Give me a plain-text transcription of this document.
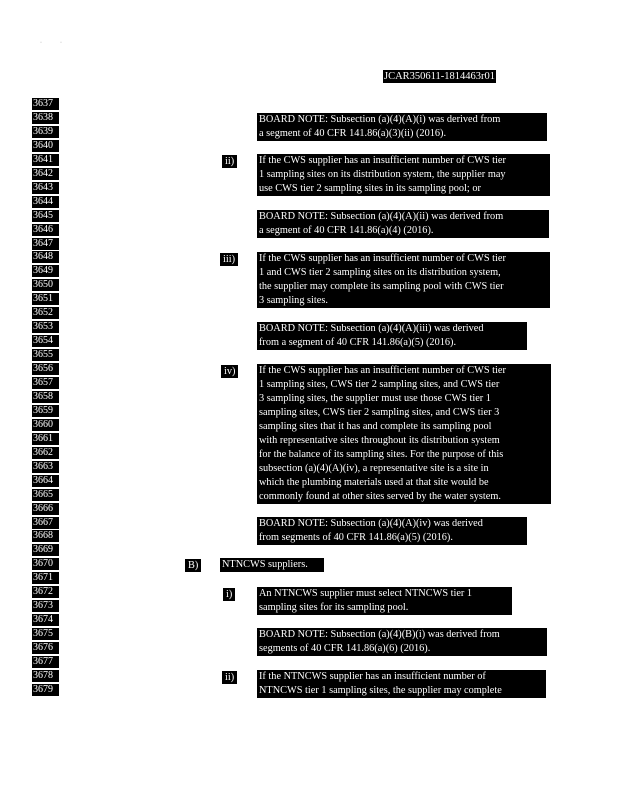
·            ·
JCAR350611-1814463r01
3637
3638
3639
3640
3641
3642
3643
3644
3645
3646
3647
3648
3649
3650
3651
3652
3653
3654
3655
3656
3657
3658
3659
3660
3661
3662
3663
3664
3665
3666
3667
3668
3669
3670
3671
3672
3673
3674
3675
3676
3677
3678
3679
ii)
iii)
iv)
B)
i)
ii)
BOARD NOTE: Subsection (a)(4)(A)(i) was derived from
a segment of 40 CFR 141.86(a)(3)(ii) (2016).
If the CWS supplier has an insufficient number of CWS tier
1 sampling sites on its distribution system, the supplier may
use CWS tier 2 sampling sites in its sampling pool; or
BOARD NOTE: Subsection (a)(4)(A)(ii) was derived from
a segment of 40 CFR 141.86(a)(4) (2016).
If the CWS supplier has an insufficient number of CWS tier
1 and CWS tier 2 sampling sites on its distribution system,
the supplier may complete its sampling pool with CWS tier
3 sampling sites.
BOARD NOTE: Subsection (a)(4)(A)(iii) was derived
from a segment of 40 CFR 141.86(a)(5) (2016).
If the CWS supplier has an insufficient number of CWS tier
1 sampling sites, CWS tier 2 sampling sites, and CWS tier
3 sampling sites, the supplier must use those CWS tier 1
sampling sites, CWS tier 2 sampling sites, and CWS tier 3
sampling sites that it has and complete its sampling pool
with representative sites throughout its distribution system
for the balance of its sampling sites. For the purpose of this
subsection (a)(4)(A)(iv), a representative site is a site in
which the plumbing materials used at that site would be
commonly found at other sites served by the water system.
BOARD NOTE: Subsection (a)(4)(A)(iv) was derived
from segments of 40 CFR 141.86(a)(5) (2016).
NTNCWS suppliers.
An NTNCWS supplier must select NTNCWS tier 1
sampling sites for its sampling pool.
BOARD NOTE: Subsection (a)(4)(B)(i) was derived from
segments of 40 CFR 141.86(a)(6) (2016).
If the NTNCWS supplier has an insufficient number of
NTNCWS tier 1 sampling sites, the supplier may complete
